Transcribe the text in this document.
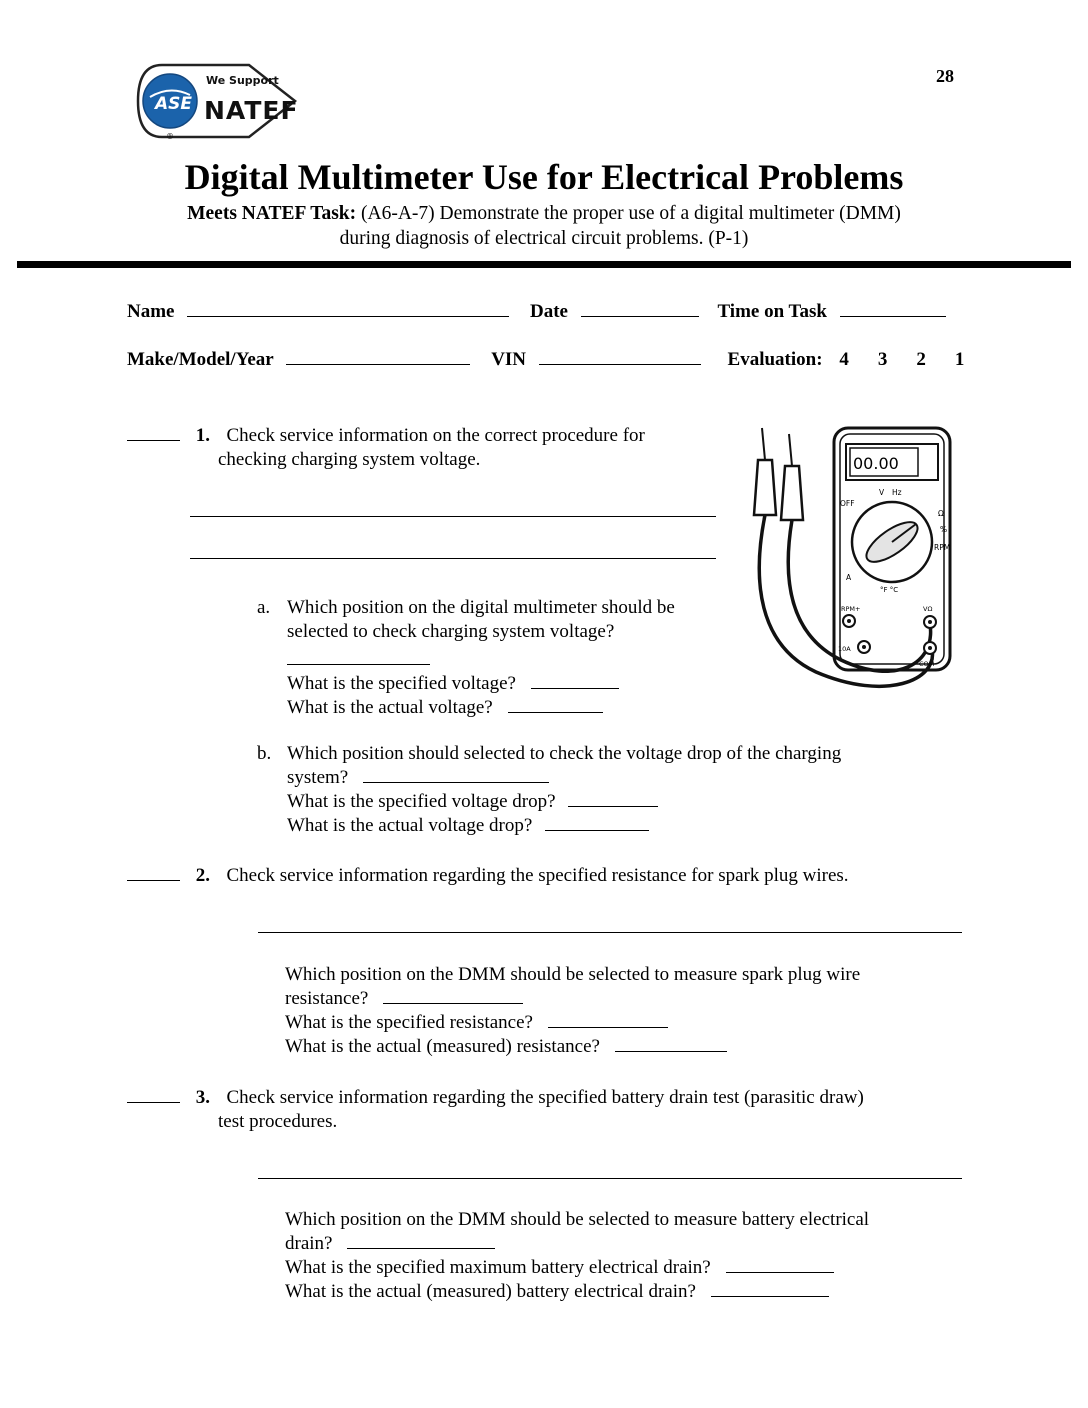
28
ASE
We Support
NATEF
®
Digital Multimeter Use for Electrical Problems
Meets NATEF Task: (A6-A-7) Demonstrate the proper use of a digital multimeter (DMM)
during diagnosis of electrical circuit problems. (P-1)
Name	Date	Time on Task
Make/Model/Year	VIN	Evaluation: 4    3    2    1
1. Check service information on the correct procedure for
checking charging system voltage.	00.00
OFF
V Hz
Ω
%
RPM
°F °C
A
RPM+
10A
VΩ
COM
a. Which position on the digital multimeter should be
selected to check charging system voltage?
What is the specified voltage?
What is the actual voltage?
b. Which position should selected to check the voltage drop of the charging
system?
What is the specified voltage drop?
What is the actual voltage drop?
2. Check service information regarding the specified resistance for spark plug wires.
Which position on the DMM should be selected to measure spark plug wire
resistance?
What is the specified resistance?
What is the actual (measured) resistance?
3. Check service information regarding the specified battery drain test (parasitic draw)
test procedures.
Which position on the DMM should be selected to measure battery electrical
drain?
What is the specified maximum battery electrical drain?
What is the actual (measured) battery electrical drain?
